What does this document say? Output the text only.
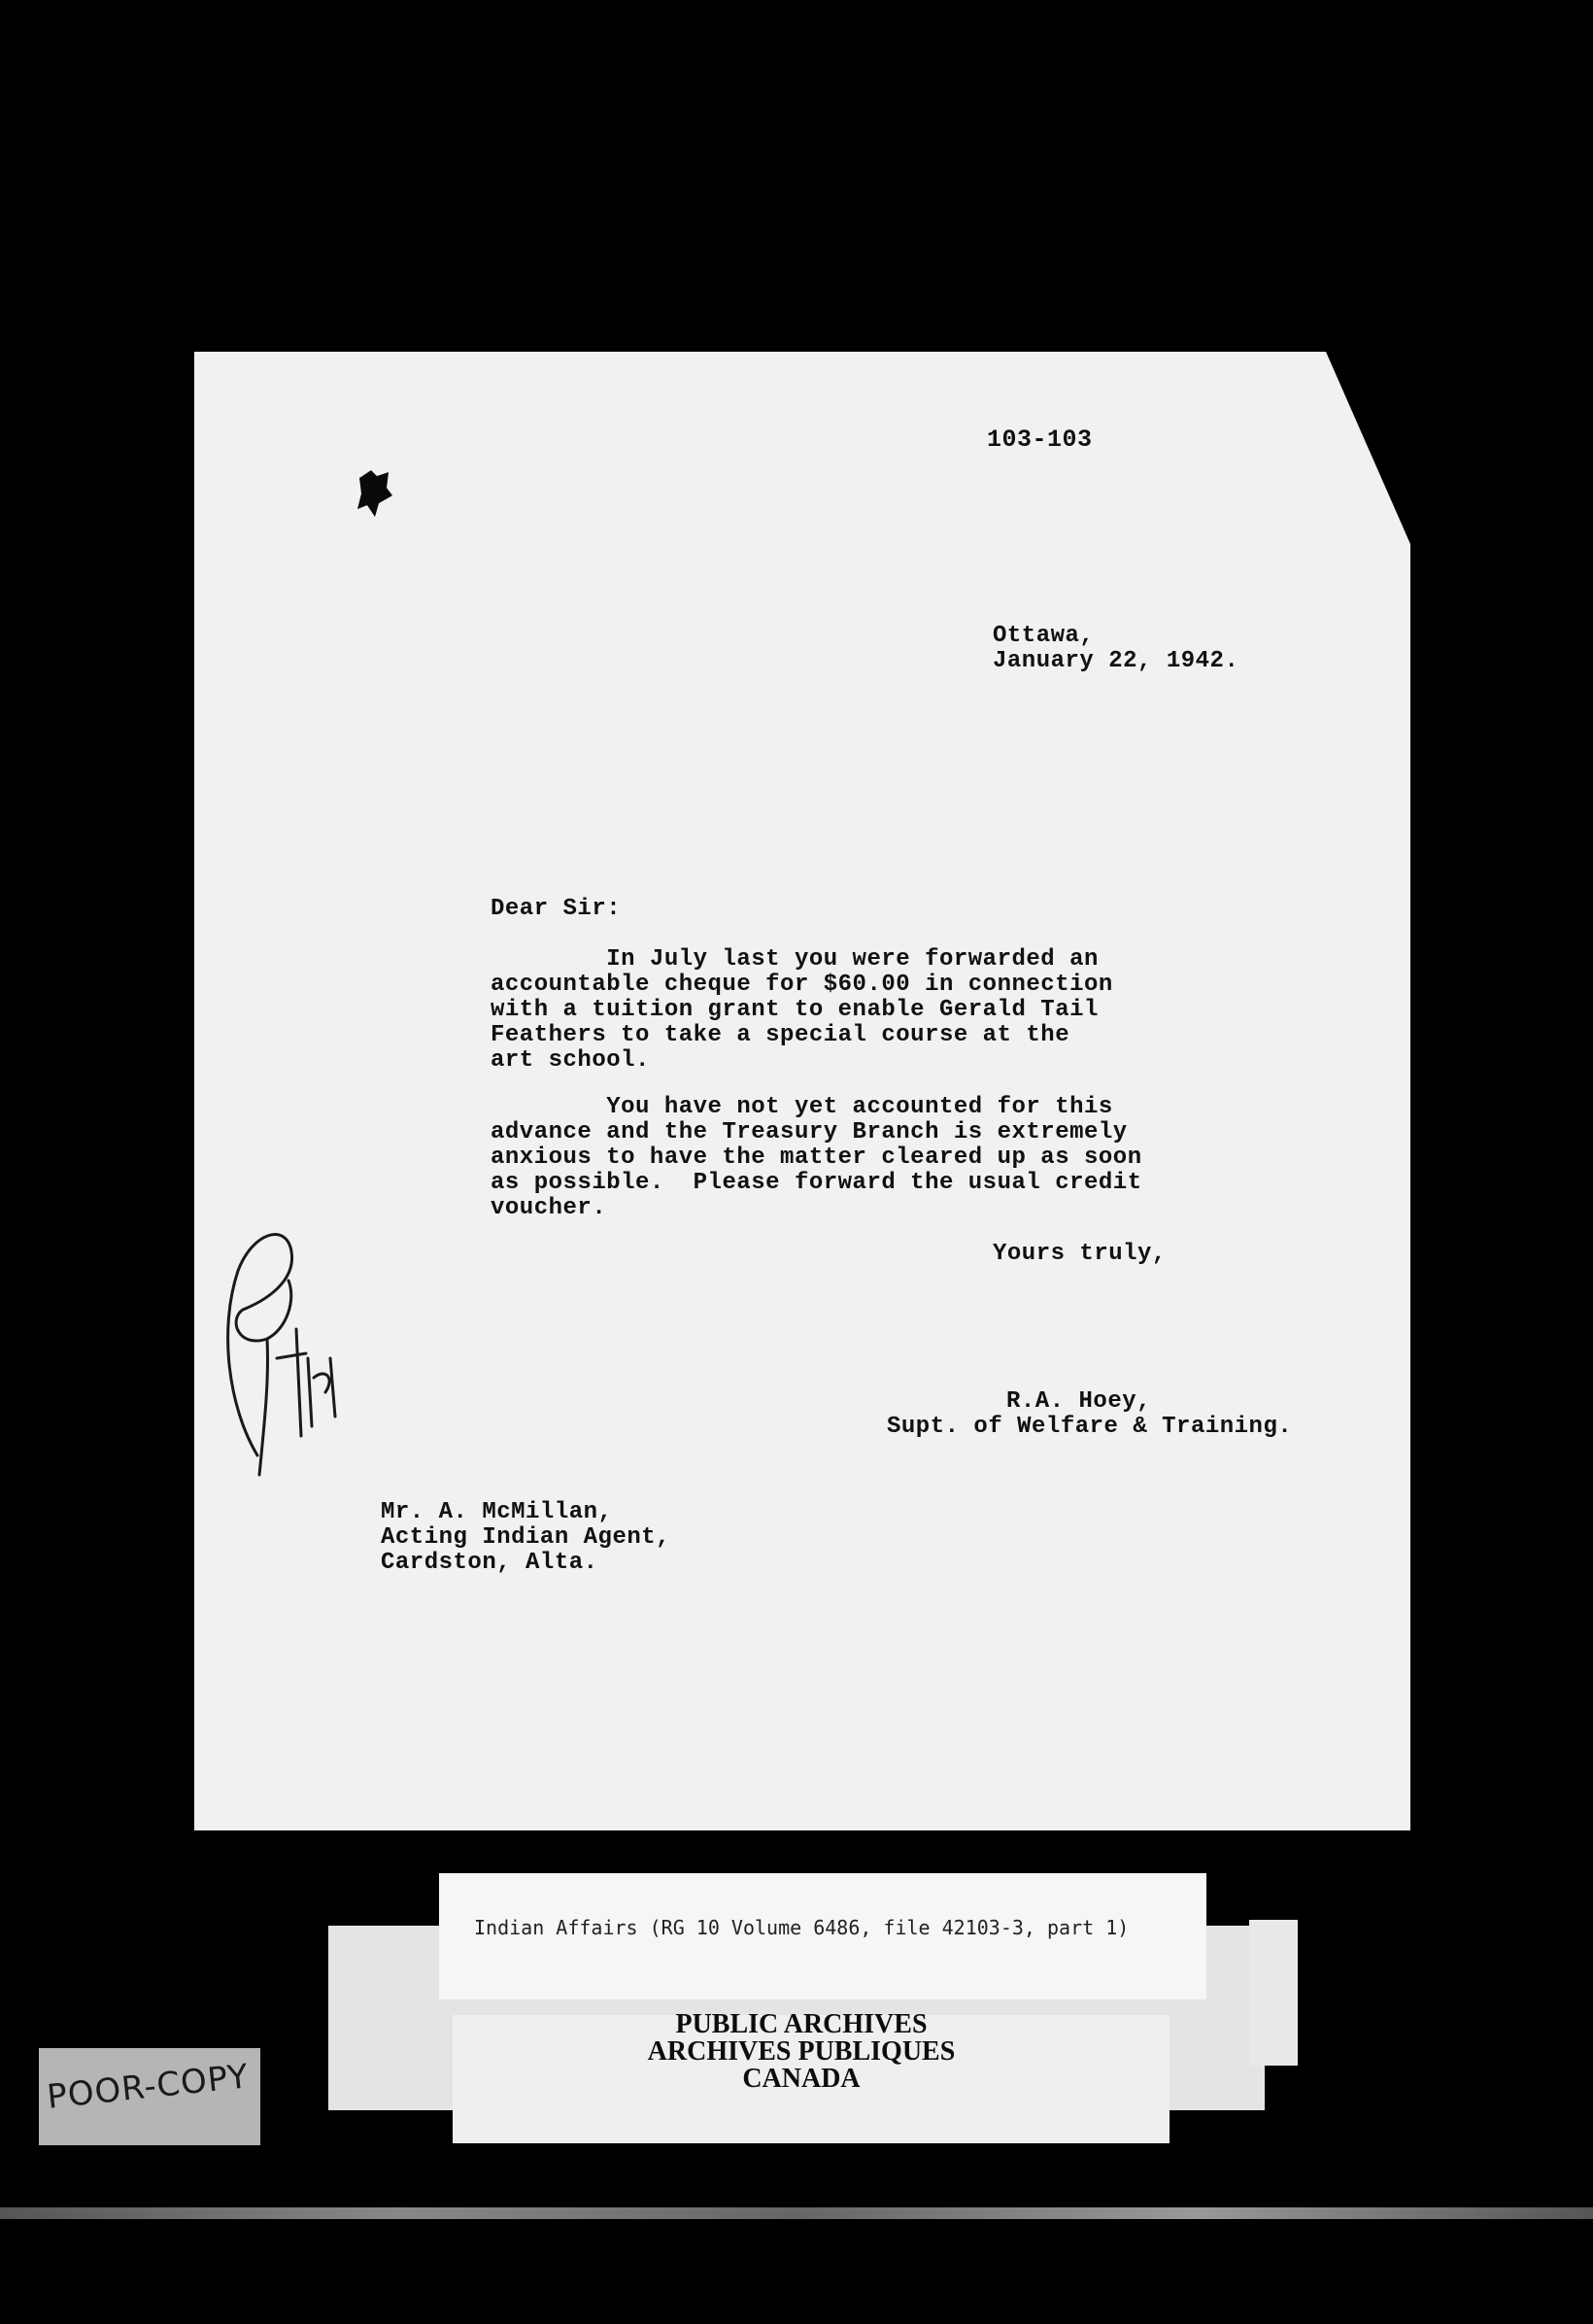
103-103
Ottawa,
January 22, 1942.
Dear Sir:
In July last you were forwarded an
accountable cheque for $60.00 in connection
with a tuition grant to enable Gerald Tail
Feathers to take a special course at the
art school.
You have not yet accounted for this
advance and the Treasury Branch is extremely
anxious to have the matter cleared up as soon
as possible.  Please forward the usual credit
voucher.
Yours truly,
R.A. Hoey,
Supt. of Welfare & Training.
Mr. A. McMillan,
Acting Indian Agent,
Cardston, Alta.
Indian Affairs (RG 10 Volume 6486, file 42103-3, part 1)
PUBLIC ARCHIVES
ARCHIVES PUBLIQUES
CANADA
POOR-COPY
